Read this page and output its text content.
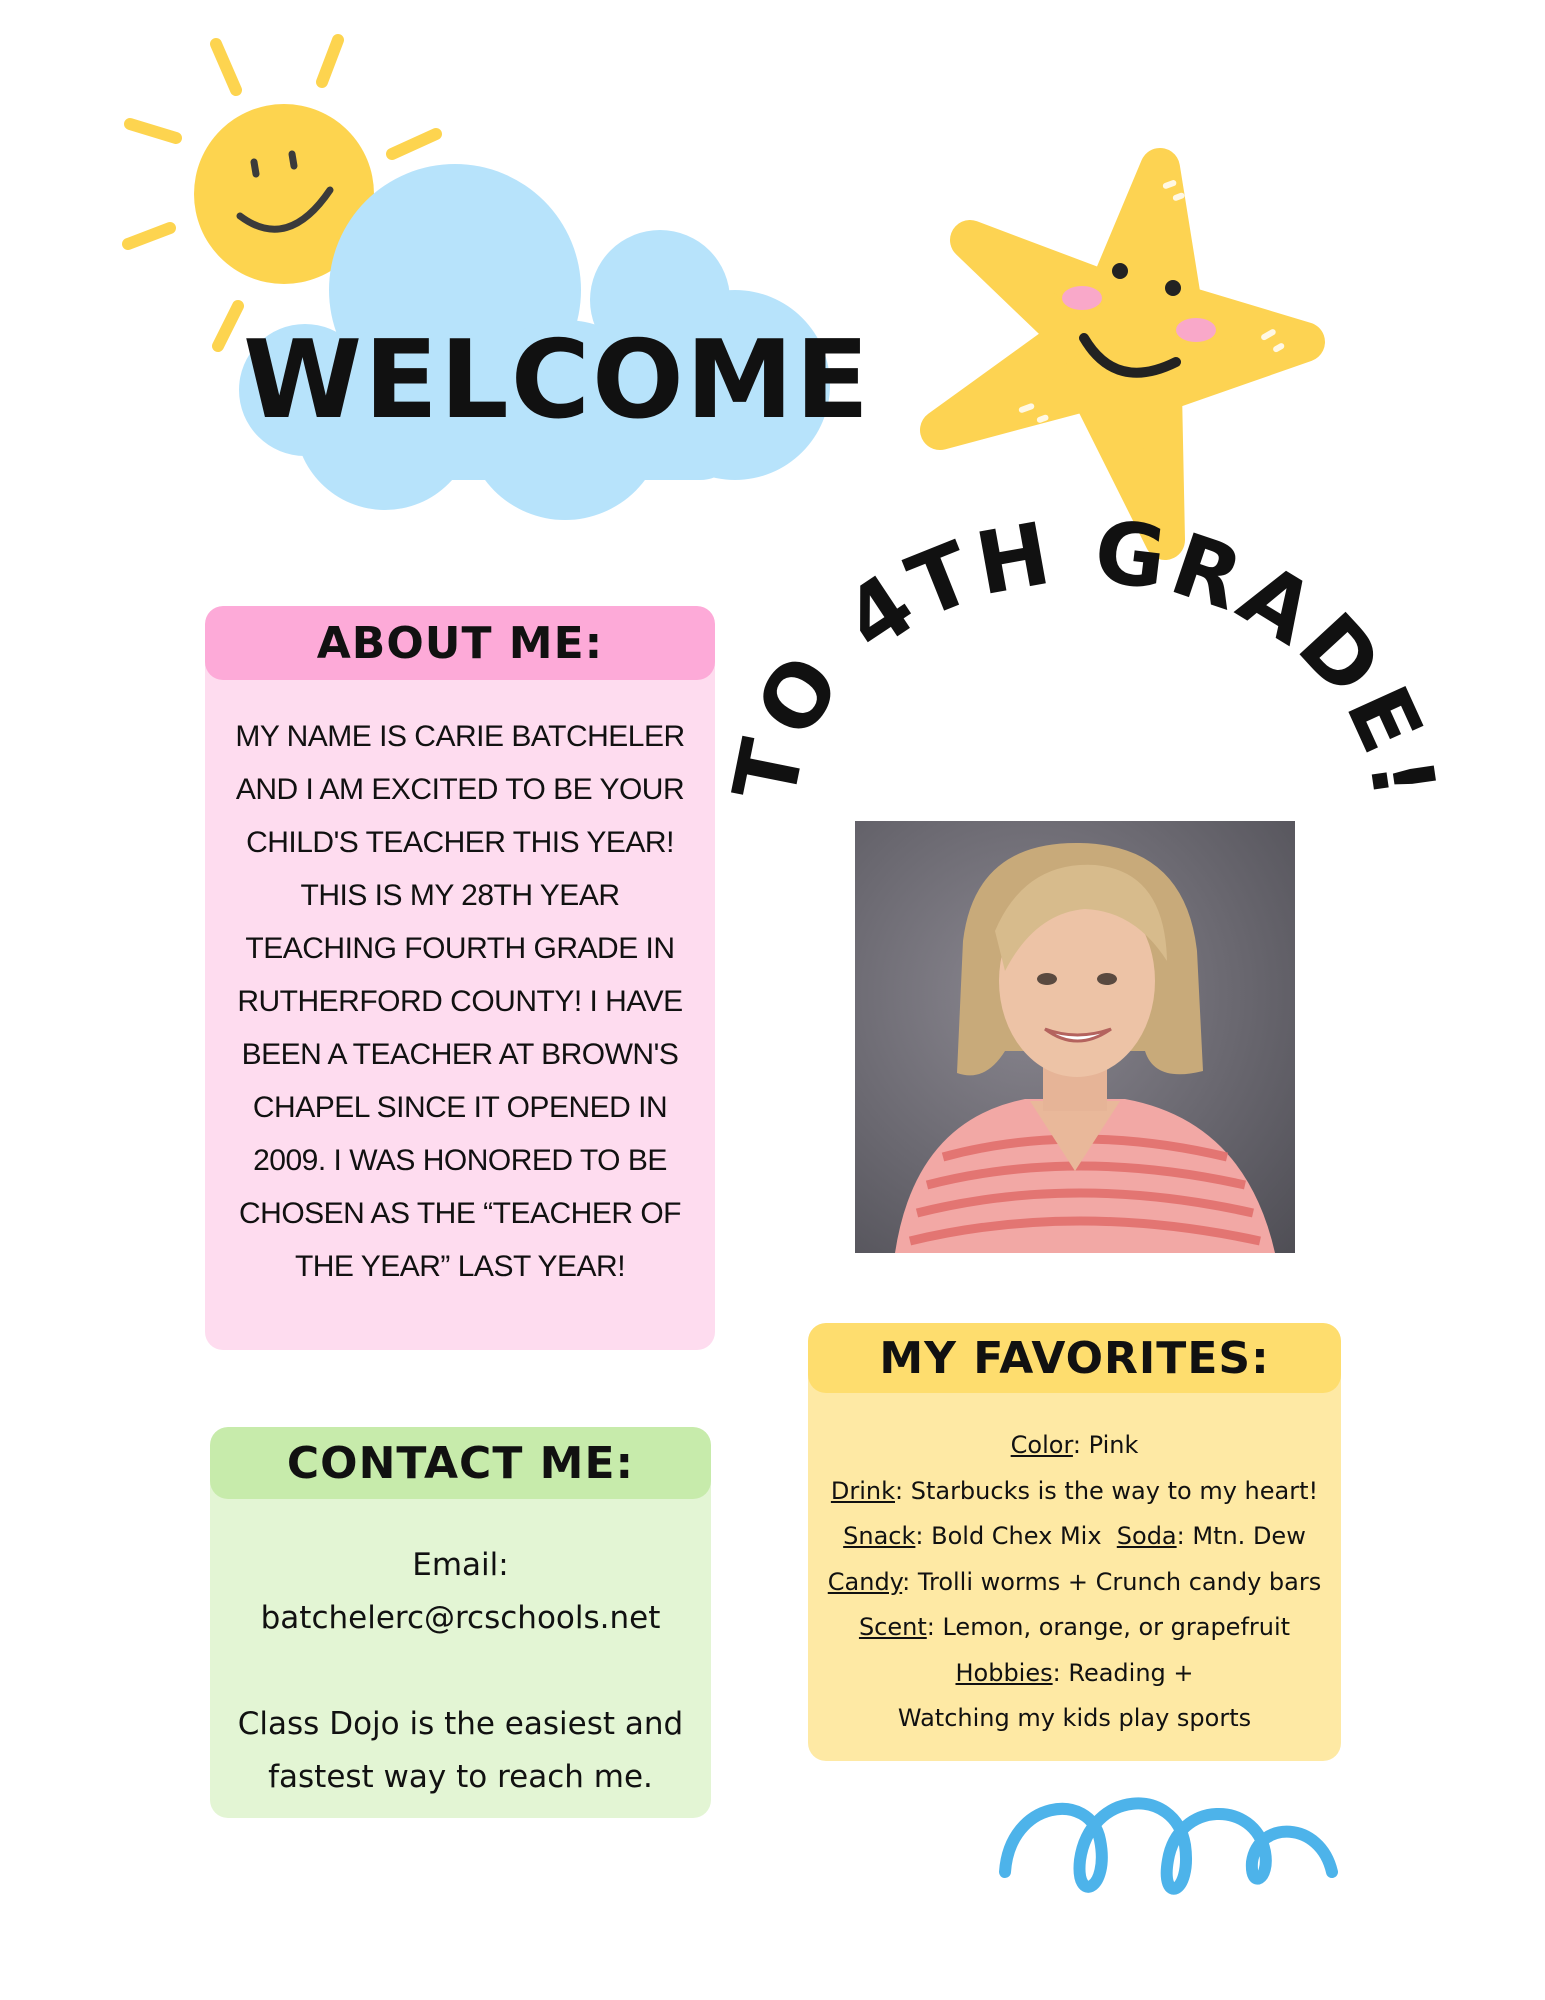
WELCOME
TO 4TH GRADE!
ABOUT ME:

MY NAME IS CARIE BATCHELER AND I AM EXCITED TO BE YOUR CHILD'S TEACHER THIS YEAR! THIS IS MY 28TH YEAR TEACHING FOURTH GRADE IN RUTHERFORD COUNTY! I HAVE BEEN A TEACHER AT BROWN'S CHAPEL SINCE IT OPENED IN 2009. I WAS HONORED TO BE CHOSEN AS THE “TEACHER OF THE YEAR” LAST YEAR!

CONTACT ME:

Email:

batchelerc@rcschools.net

Class Dojo is the easiest and

fastest way to reach me.

MY FAVORITES:
Color: Pink
Drink: Starbucks is the way to my heart!
Snack: Bold Chex Mix  Soda: Mtn. Dew
Candy: Trolli worms + Crunch candy bars
Scent: Lemon, orange, or grapefruit
Hobbies: Reading +
Watching my kids play sports
